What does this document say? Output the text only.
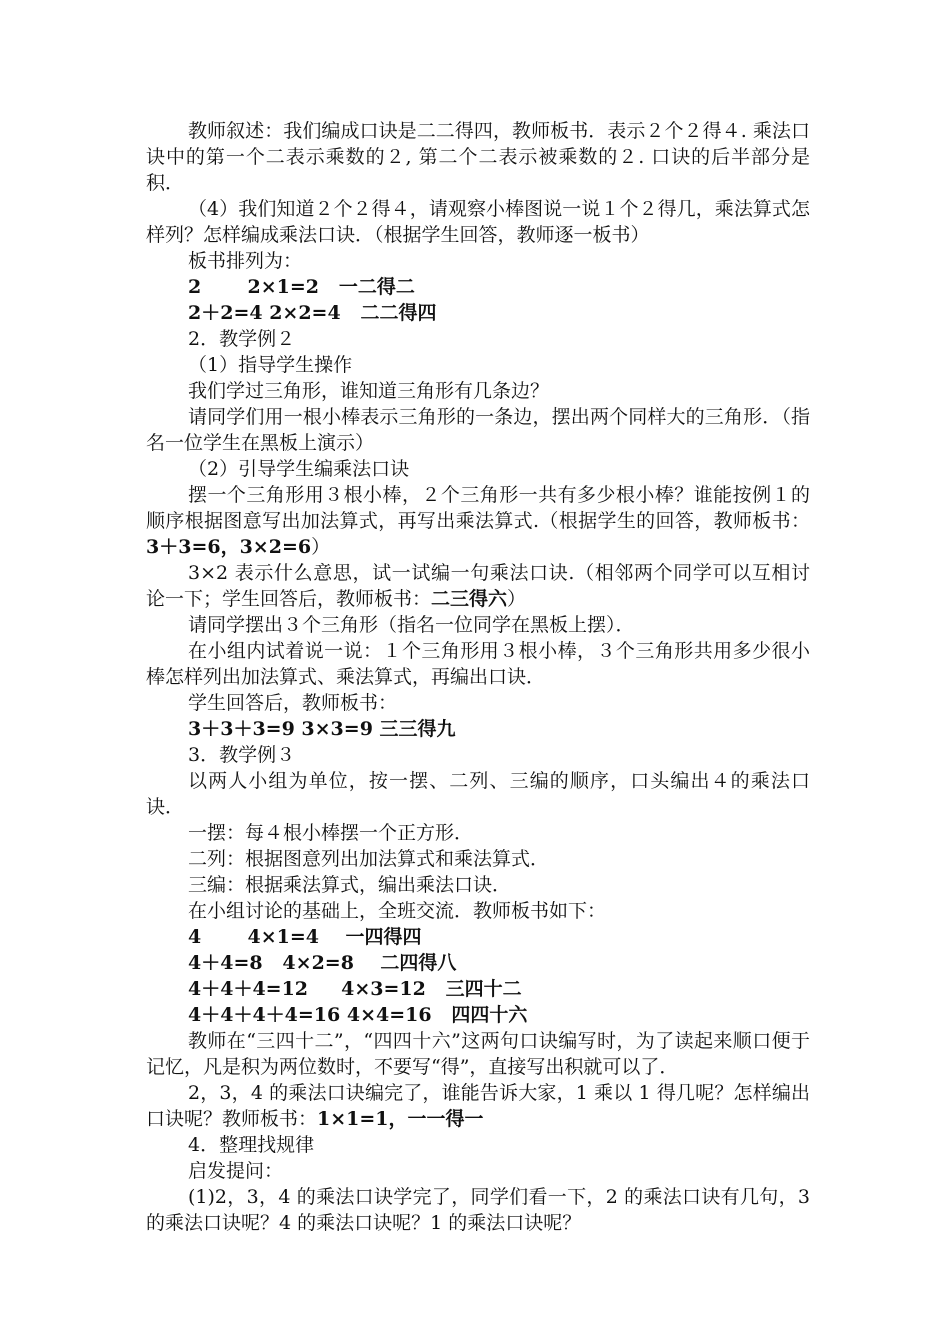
教师叙述：我们编成口诀是二二得四，教师板书．表示２个２得４. 乘法口诀中的第一个二表示乘数的２, 第二个二表示被乘数的２. 口诀的后半部分是积．

（4）我们知道２个２得４，请观察小棒图说一说１个２得几，乘法算式怎样列？怎样编成乘法口诀．（根据学生回答，教师逐一板书）

板书排列为：

2       2×1=2   一二得二

2＋2=4 2×2=4   二二得四

2．教学例２

（1）指导学生操作

我们学过三角形，谁知道三角形有几条边？

请同学们用一根小棒表示三角形的一条边，摆出两个同样大的三角形．（指名一位学生在黑板上演示）

（2）引导学生编乘法口诀

摆一个三角形用３根小棒，２个三角形一共有多少根小棒？谁能按例１的顺序根据图意写出加法算式，再写出乘法算式.（根据学生的回答，教师板书：3＋3=6，3×2=6）

3×2 表示什么意思，试一试编一句乘法口诀.（相邻两个同学可以互相讨论一下；学生回答后，教师板书：二三得六）

请同学摆出３个三角形（指名一位同学在黑板上摆）．

在小组内试着说一说：１个三角形用３根小棒，３个三角形共用多少很小棒怎样列出加法算式、乘法算式，再编出口诀．

学生回答后，教师板书：

3＋3＋3=9 3×3=9 三三得九

3．教学例３

以两人小组为单位，按一摆、二列、三编的顺序，口头编出４的乘法口诀．

一摆：每４根小棒摆一个正方形．

二列：根据图意列出加法算式和乘法算式．

三编：根据乘法算式，编出乘法口诀．

在小组讨论的基础上，全班交流．教师板书如下：

4       4×1=4    一四得四

4＋4=8   4×2=8    二四得八

4＋4＋4=12     4×3=12   三四十二

4＋4＋4＋4=16 4×4=16   四四十六

教师在“三四十二”，“四四十六”这两句口诀编写时，为了读起来顺口便于记忆，凡是积为两位数时，不要写“得”，直接写出积就可以了．

2，3，4 的乘法口诀编完了，谁能告诉大家，1 乘以 1 得几呢？怎样编出口诀呢？教师板书：1×1=1，一一得一

4．整理找规律

启发提问：

(1)2，3，4 的乘法口诀学完了，同学们看一下，2 的乘法口诀有几句，3 的乘法口诀呢？4 的乘法口诀呢？1 的乘法口诀呢？
